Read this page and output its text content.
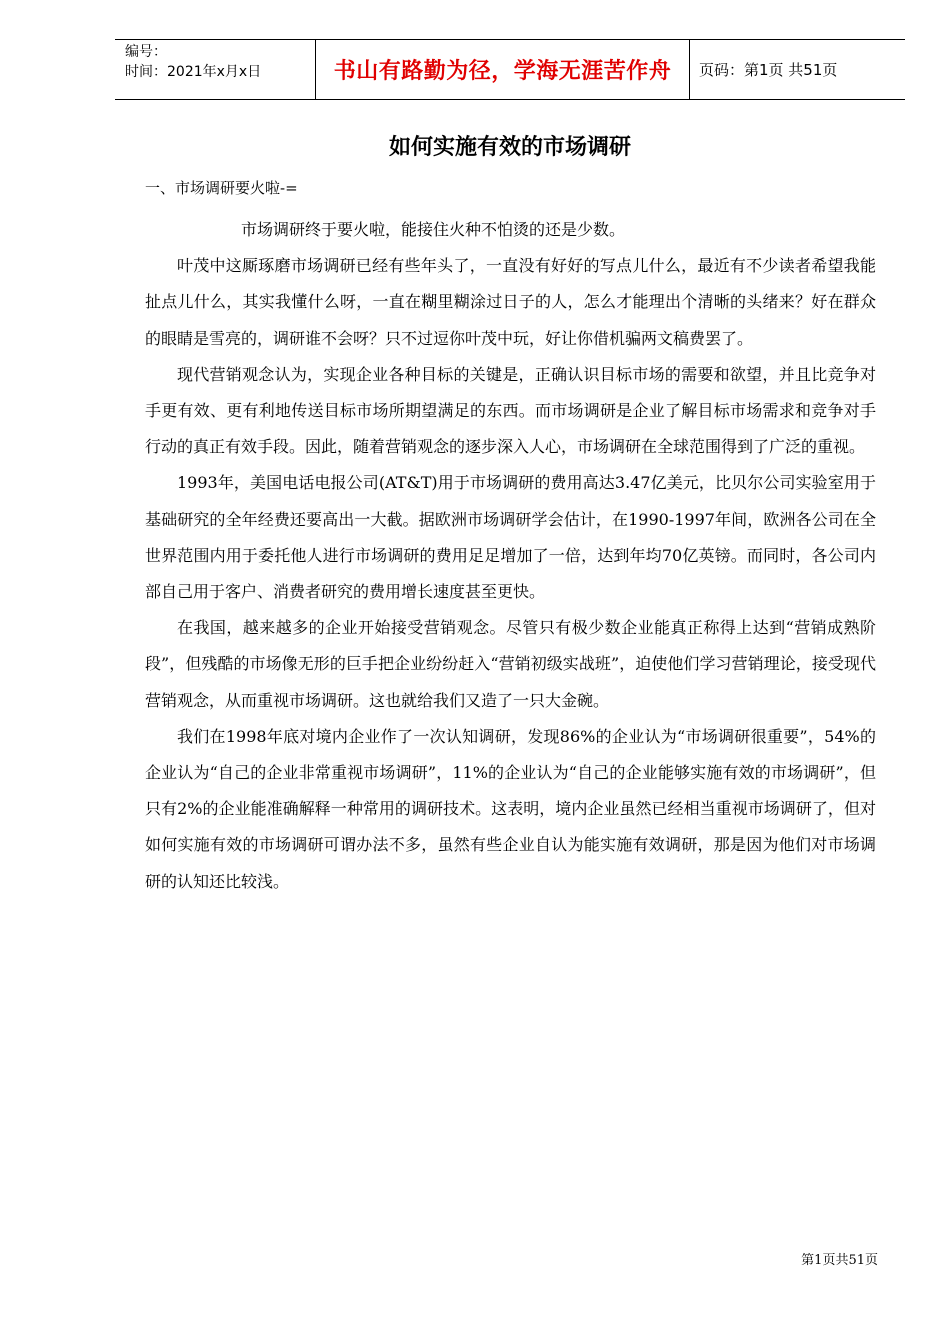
编号：
时间：2021年x月x日	书山有路勤为径，学海无涯苦作舟 页码：第1页 共51页
如何实施有效的市场调研
一、市场调研要火啦-=

市场调研终于要火啦，能接住火种不怕烫的还是少数。

叶茂中这厮琢磨市场调研已经有些年头了，一直没有好好的写点儿什么，最近有不少读者希望我能扯点儿什么，其实我懂什么呀，一直在糊里糊涂过日子的人，怎么才能理出个清晰的头绪来？好在群众的眼睛是雪亮的，调研谁不会呀？只不过逗你叶茂中玩，好让你借机骗两文稿费罢了。

现代营销观念认为，实现企业各种目标的关键是，正确认识目标市场的需要和欲望，并且比竞争对手更有效、更有利地传送目标市场所期望满足的东西。而市场调研是企业了解目标市场需求和竞争对手行动的真正有效手段。因此，随着营销观念的逐步深入人心，市场调研在全球范围得到了广泛的重视。

1993年，美国电话电报公司(AT&T)用于市场调研的费用高达3.47亿美元，比贝尔公司实验室用于基础研究的全年经费还要高出一大截。据欧洲市场调研学会估计，在1990-1997年间，欧洲各公司在全世界范围内用于委托他人进行市场调研的费用足足增加了一倍，达到年均70亿英镑。而同时，各公司内部自己用于客户、消费者研究的费用增长速度甚至更快。

在我国，越来越多的企业开始接受营销观念。尽管只有极少数企业能真正称得上达到“营销成熟阶段”，但残酷的市场像无形的巨手把企业纷纷赶入“营销初级实战班”，迫使他们学习营销理论，接受现代营销观念，从而重视市场调研。这也就给我们又造了一只大金碗。

我们在1998年底对境内企业作了一次认知调研，发现86%的企业认为“市场调研很重要”，54%的企业认为“自己的企业非常重视市场调研”，11%的企业认为“自己的企业能够实施有效的市场调研”，但只有2%的企业能准确解释一种常用的调研技术。这表明，境内企业虽然已经相当重视市场调研了，但对如何实施有效的市场调研可谓办法不多，虽然有些企业自认为能实施有效调研，那是因为他们对市场调研的认知还比较浅。

第1页共51页
